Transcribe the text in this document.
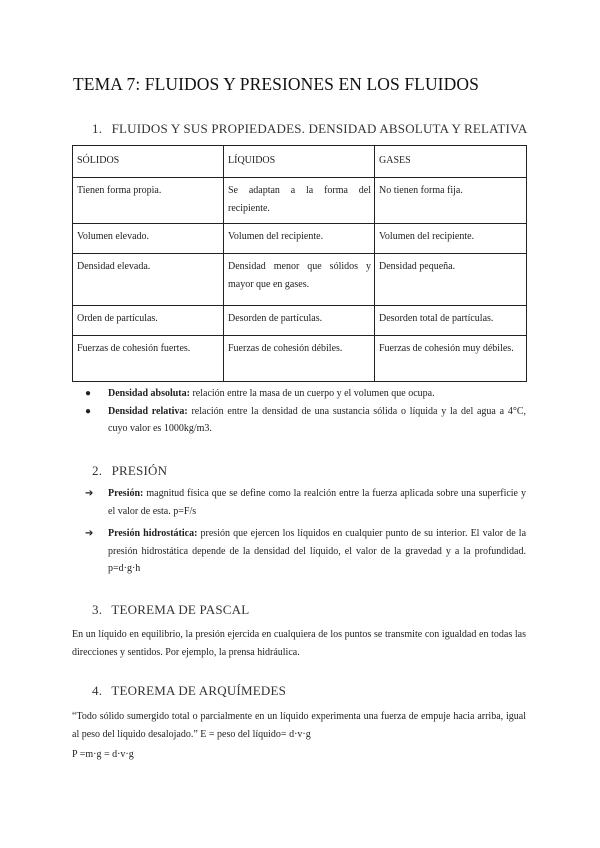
TEMA 7: FLUIDOS Y PRESIONES EN LOS FLUIDOS
1. FLUIDOS Y SUS PROPIEDADES. DENSIDAD ABSOLUTA Y RELATIVA
SÓLIDOS	LÍQUIDOS	GASES
Tienen forma propia.	Se adaptan a la forma del recipiente.	No tienen forma fija.
Volumen elevado.	Volumen del recipiente.	Volumen del recipiente.
Densidad elevada.	Densidad menor que sólidos y mayor que en gases.	Densidad pequeña.
Orden de partículas.	Desorden de partículas.	Desorden total de partículas.
Fuerzas de cohesión fuertes.	Fuerzas de cohesión débiles.	Fuerzas de cohesión muy débiles.
● Densidad absoluta: relación entre la masa de un cuerpo y el volumen que ocupa.
● Densidad relativa: relación entre la densidad de una sustancia sólida o líquida y la del agua a 4°C, cuyo valor es 1000kg/m3.
2. PRESIÓN
➔ Presión: magnitud física que se define como la realción entre la fuerza aplicada sobre una superficie y el valor de esta. p=F/s
➔ Presión hidrostática: presión que ejercen los líquidos en cualquier punto de su interior. El valor de la presión hidrostática depende de la densidad del líquido, el valor de la gravedad y a la profundidad. p=d·g·h
3. TEOREMA DE PASCAL
En un líquido en equilibrio, la presión ejercida en cualquiera de los puntos se transmite con igualdad en todas las direcciones y sentidos. Por ejemplo, la prensa hidráulica.
4. TEOREMA DE ARQUÍMEDES
“Todo sólido sumergido total o parcialmente en un líquido experimenta una fuerza de empuje hacia arriba, igual al peso del líquido desalojado.” E = peso del líquido= d·v·g
P =m·g = d·v·g
